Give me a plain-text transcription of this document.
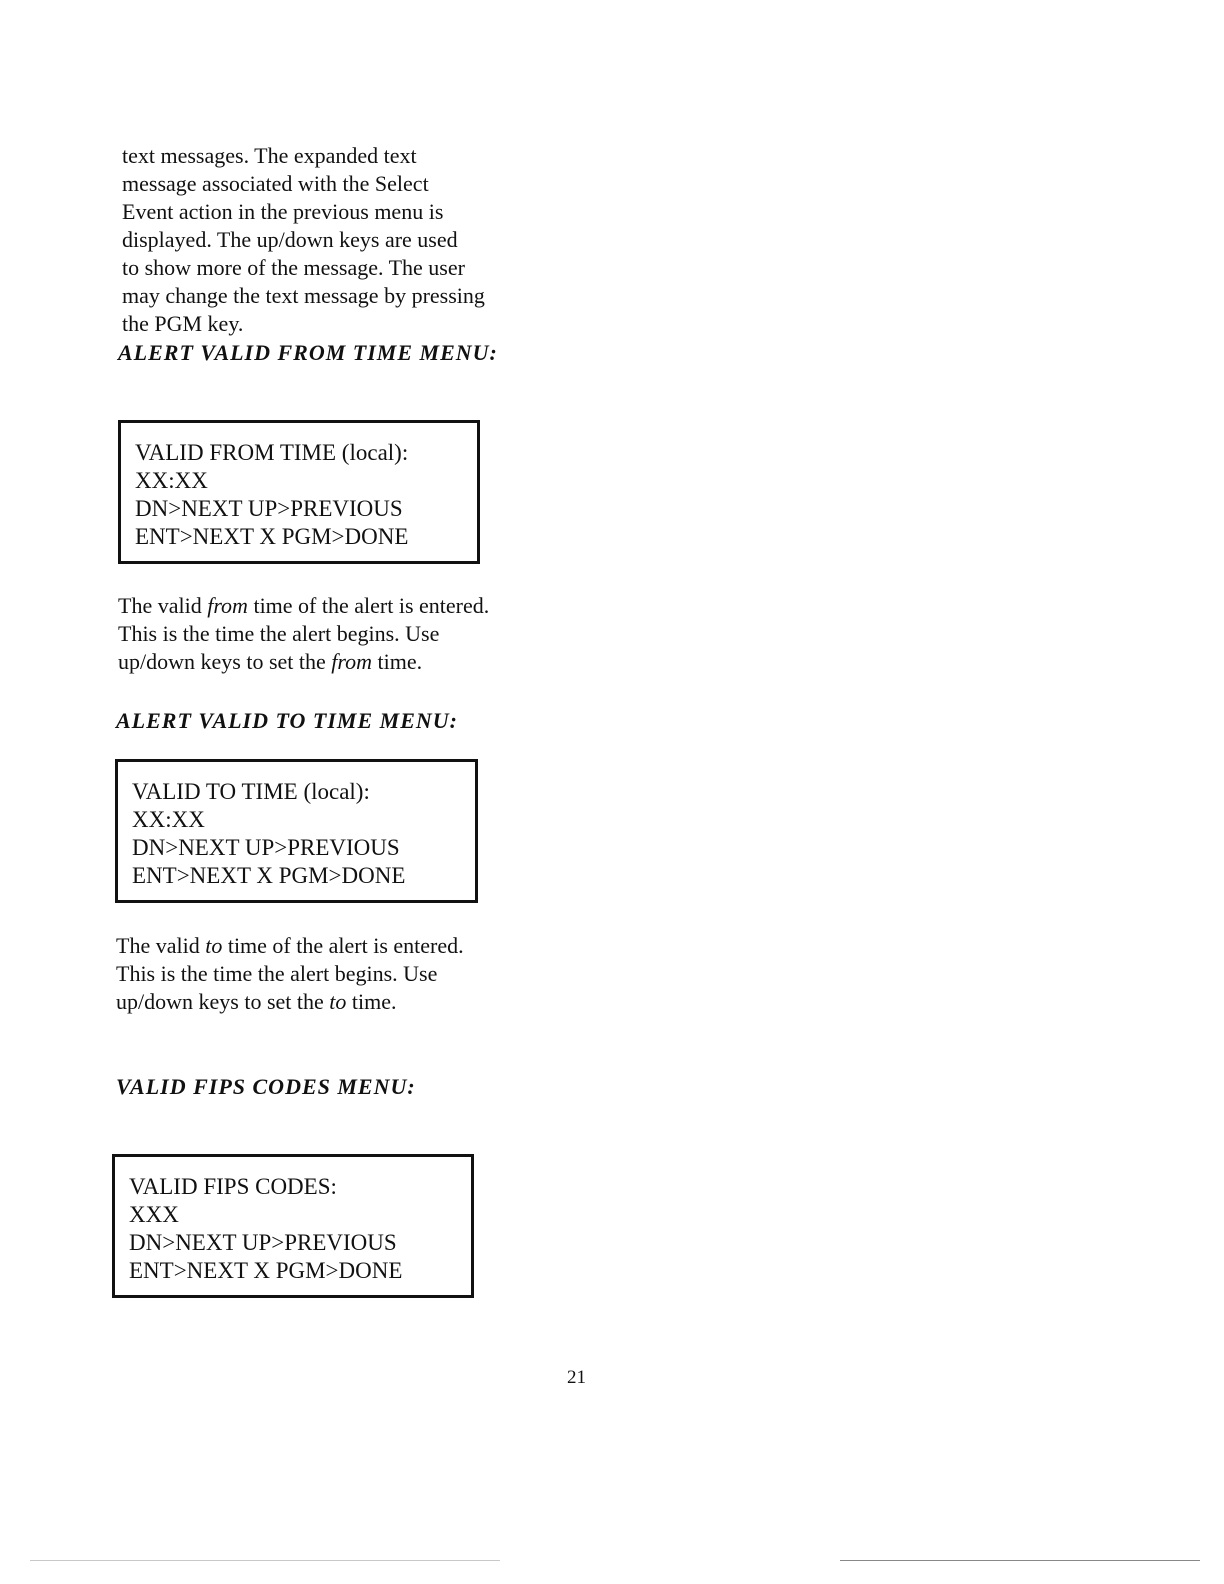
text messages. The expanded text
message associated with the Select
Event action in the previous menu is
displayed. The up/down keys are used
to show more of the message. The user
may change the text message by pressing
the PGM key.
ALERT VALID FROM TIME MENU:
VALID FROM TIME (local):
XX:XX
DN>NEXT UP>PREVIOUS
ENT>NEXT X PGM>DONE
The valid from time of the alert is entered.
This is the time the alert begins. Use
up/down keys to set the from time.
ALERT VALID TO TIME MENU:
VALID TO TIME (local):
XX:XX
DN>NEXT UP>PREVIOUS
ENT>NEXT X PGM>DONE
The valid to time of the alert is entered.
This is the time the alert begins. Use
up/down keys to set the to time.
VALID FIPS CODES MENU:
VALID FIPS CODES:
XXX
DN>NEXT UP>PREVIOUS
ENT>NEXT X PGM>DONE
21
